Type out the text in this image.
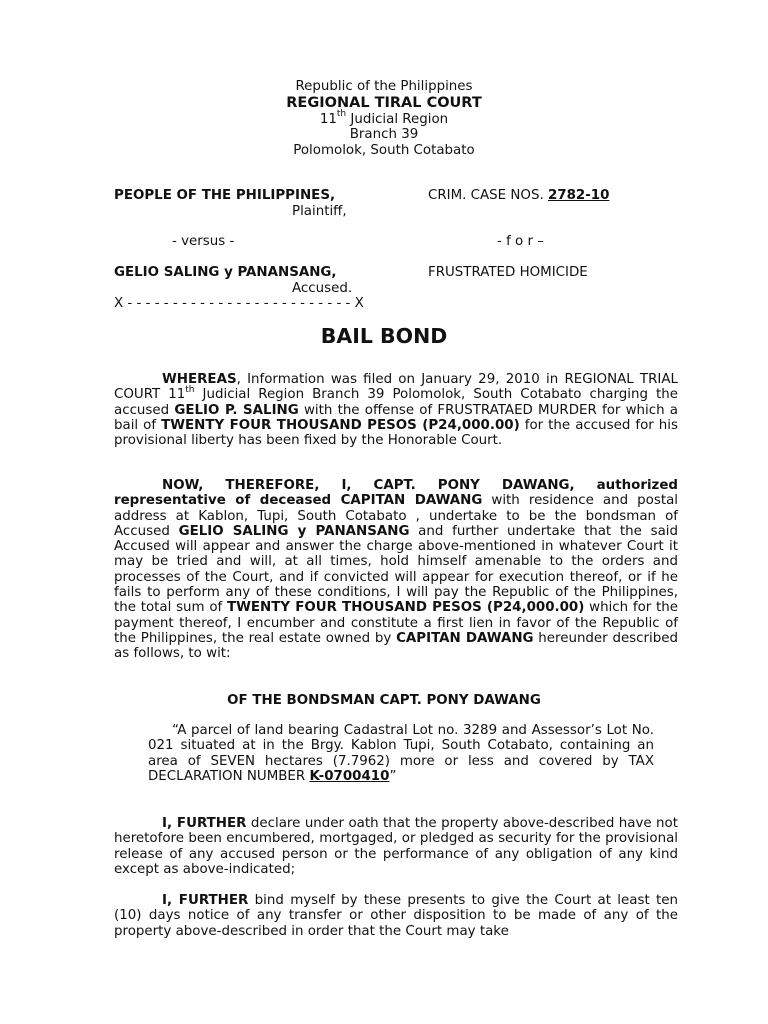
Republic of the Philippines
REGIONAL TIRAL COURT
11th Judicial Region
Branch 39
Polomolok, South Cotabato
PEOPLE OF THE PHILIPPINES,
Plaintiff,
- versus -
GELIO SALING y PANANSANG,
Accused.
X - - - - - - - - - - - - - - - - - - - - - - - - - X
CRIM. CASE NOS. 2782-10
- f o r –
FRUSTRATED HOMICIDE
BAIL BOND

WHEREAS, Information was filed on January 29, 2010 in REGIONAL TRIAL COURT 11th Judicial Region Branch 39 Polomolok, South Cotabato charging the accused GELIO P. SALING with the offense of FRUSTRATAED MURDER for which a bail of TWENTY FOUR THOUSAND PESOS (P24,000.00) for the accused for his provisional liberty has been fixed by the Honorable Court.

NOW, THEREFORE, I, CAPT. PONY DAWANG, authorized representative of deceased CAPITAN DAWANG with residence and postal address at Kablon, Tupi, South Cotabato , undertake to be the bondsman of Accused GELIO SALING y PANANSANG and further undertake that the said Accused will appear and answer the charge above-mentioned in whatever Court it may be tried and will, at all times, hold himself amenable to the orders and processes of the Court, and if convicted will appear for execution thereof, or if he fails to perform any of these conditions, I will pay the Republic of the Philippines, the total sum of TWENTY FOUR THOUSAND PESOS (P24,000.00) which for the payment thereof, I encumber and constitute a first lien in favor of the Republic of the Philippines, the real estate owned by CAPITAN DAWANG hereunder described as follows, to wit:

OF THE BONDSMAN CAPT. PONY DAWANG

“A parcel of land bearing Cadastral Lot no. 3289 and Assessor’s Lot No. 021 situated at in the Brgy. Kablon Tupi, South Cotabato, containing an area of SEVEN hectares (7.7962) more or less and covered by TAX DECLARATION NUMBER K-0700410”

I, FURTHER declare under oath that the property above-described have not heretofore been encumbered, mortgaged, or pledged as security for the provisional release of any accused person or the performance of any obligation of any kind except as above-indicated;

I, FURTHER bind myself by these presents to give the Court at least ten (10) days notice of any transfer or other disposition to be made of any of the property above-described in order that the Court may take
